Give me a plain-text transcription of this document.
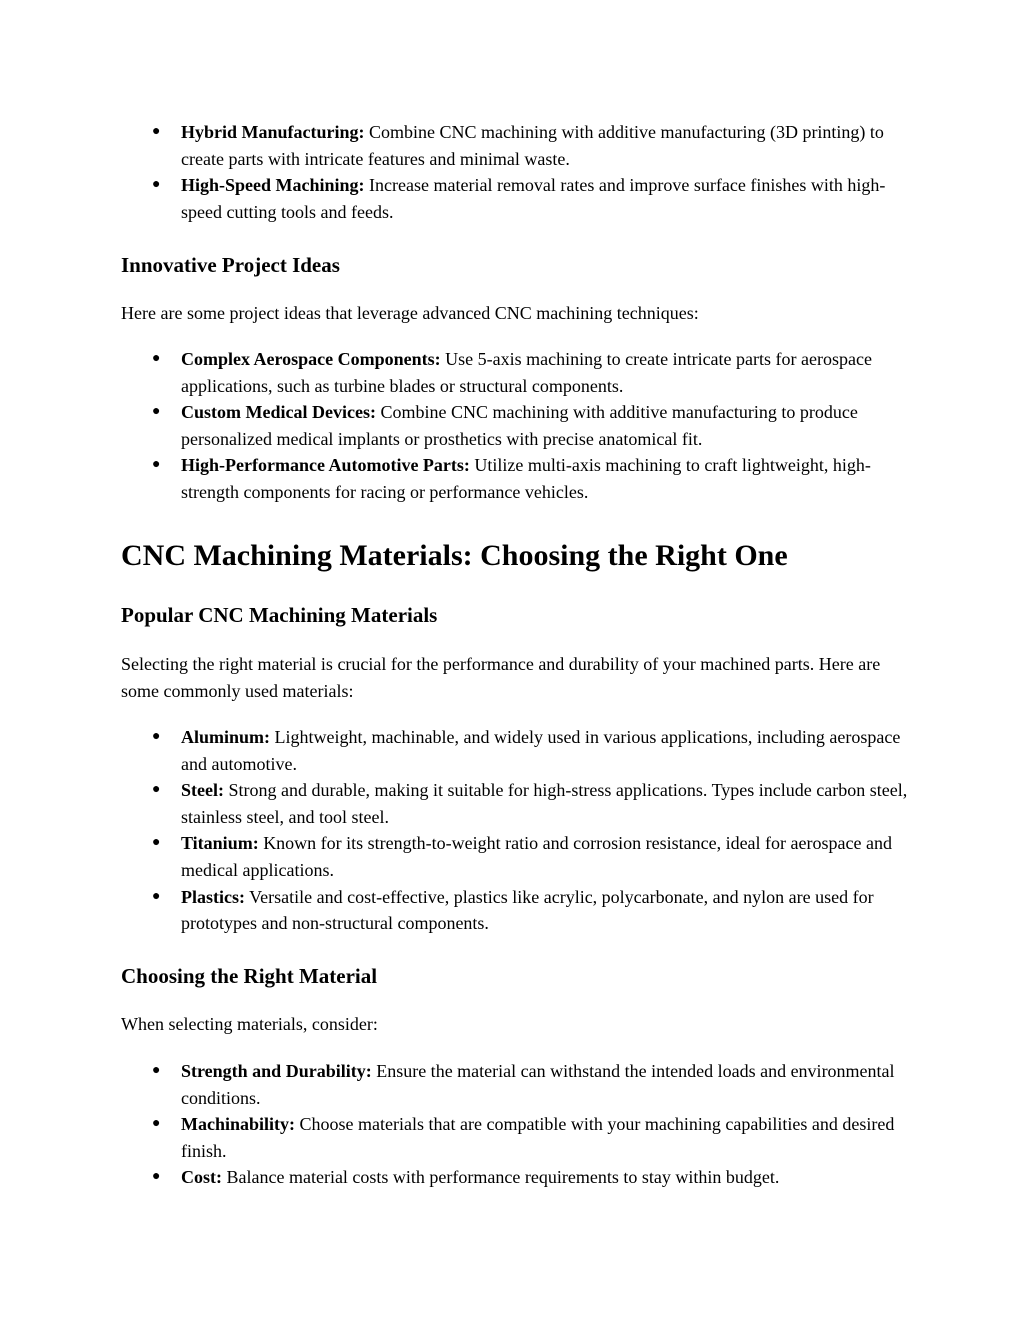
● Hybrid Manufacturing: Combine CNC machining with additive manufacturing (3D printing) to create parts with intricate features and minimal waste.
● High-Speed Machining: Increase material removal rates and improve surface finishes with high-speed cutting tools and feeds.
Innovative Project Ideas

Here are some project ideas that leverage advanced CNC machining techniques:

● Complex Aerospace Components: Use 5-axis machining to create intricate parts for aerospace applications, such as turbine blades or structural components.
● Custom Medical Devices: Combine CNC machining with additive manufacturing to produce personalized medical implants or prosthetics with precise anatomical fit.
● High-Performance Automotive Parts: Utilize multi-axis machining to craft lightweight, high-strength components for racing or performance vehicles.
CNC Machining Materials: Choosing the Right One
Popular CNC Machining Materials

Selecting the right material is crucial for the performance and durability of your machined parts. Here are some commonly used materials:

● Aluminum: Lightweight, machinable, and widely used in various applications, including aerospace and automotive.
● Steel: Strong and durable, making it suitable for high-stress applications. Types include carbon steel, stainless steel, and tool steel.
● Titanium: Known for its strength-to-weight ratio and corrosion resistance, ideal for aerospace and medical applications.
● Plastics: Versatile and cost-effective, plastics like acrylic, polycarbonate, and nylon are used for prototypes and non-structural components.
Choosing the Right Material

When selecting materials, consider:

● Strength and Durability: Ensure the material can withstand the intended loads and environmental conditions.
● Machinability: Choose materials that are compatible with your machining capabilities and desired finish.
● Cost: Balance material costs with performance requirements to stay within budget.
